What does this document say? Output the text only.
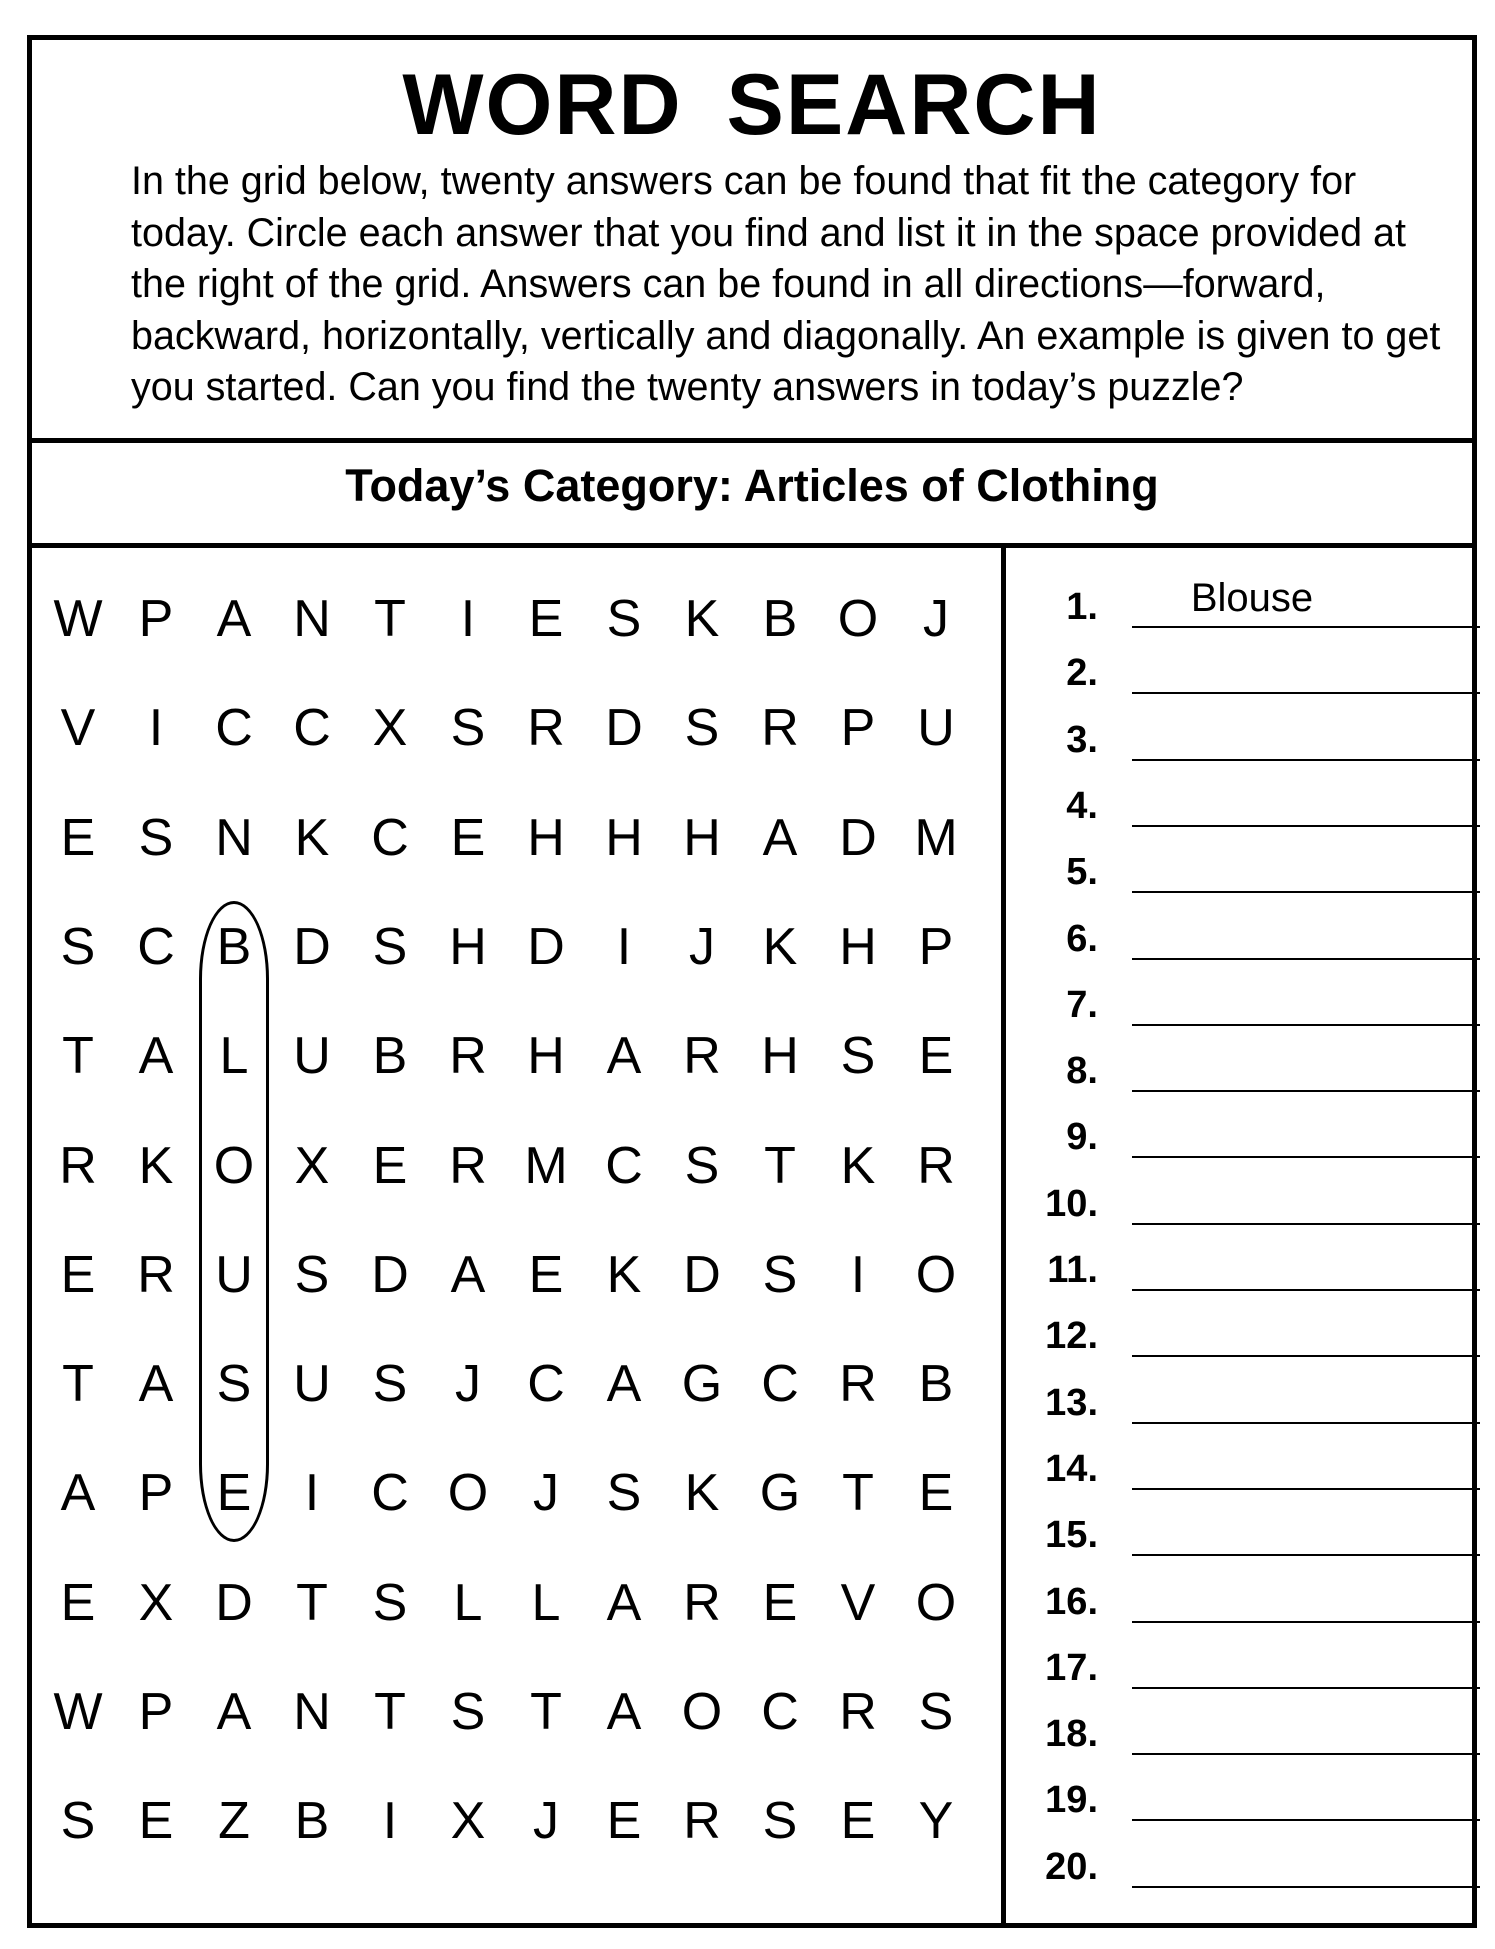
WORD SEARCH

In the grid below, twenty answers can be found that fit the category for today. Circle each answer that you find and list it in the space provided at the right of the grid. Answers can be found in all directions—forward, backward, horizontally, vertically and diagonally. An example is given to get you started. Can you find the twenty answers in today’s puzzle?

Today’s Category: Articles of Clothing
W P A N T	I	E S K B O J
V	I	C C X S R D S R P U
E S N K C E H H H A D M
S C B D S H D I	J K H P
T A L U B R H A R H S E
R K O X E R M C S T K R
E R U S D A E K D S	I O
T A S U S J C A G C R B
A P E	I	C O J S K G T E
E X D T S L L A R E V O
W P A N T S T A O C R S
S E Z B	I	X J E R S E Y
1.	Blouse
2.
3.
4.
5.
6.
7.
8.
9.
10.
11.
12.
13.
14.
15.
16.
17.
18.
19.
20.
